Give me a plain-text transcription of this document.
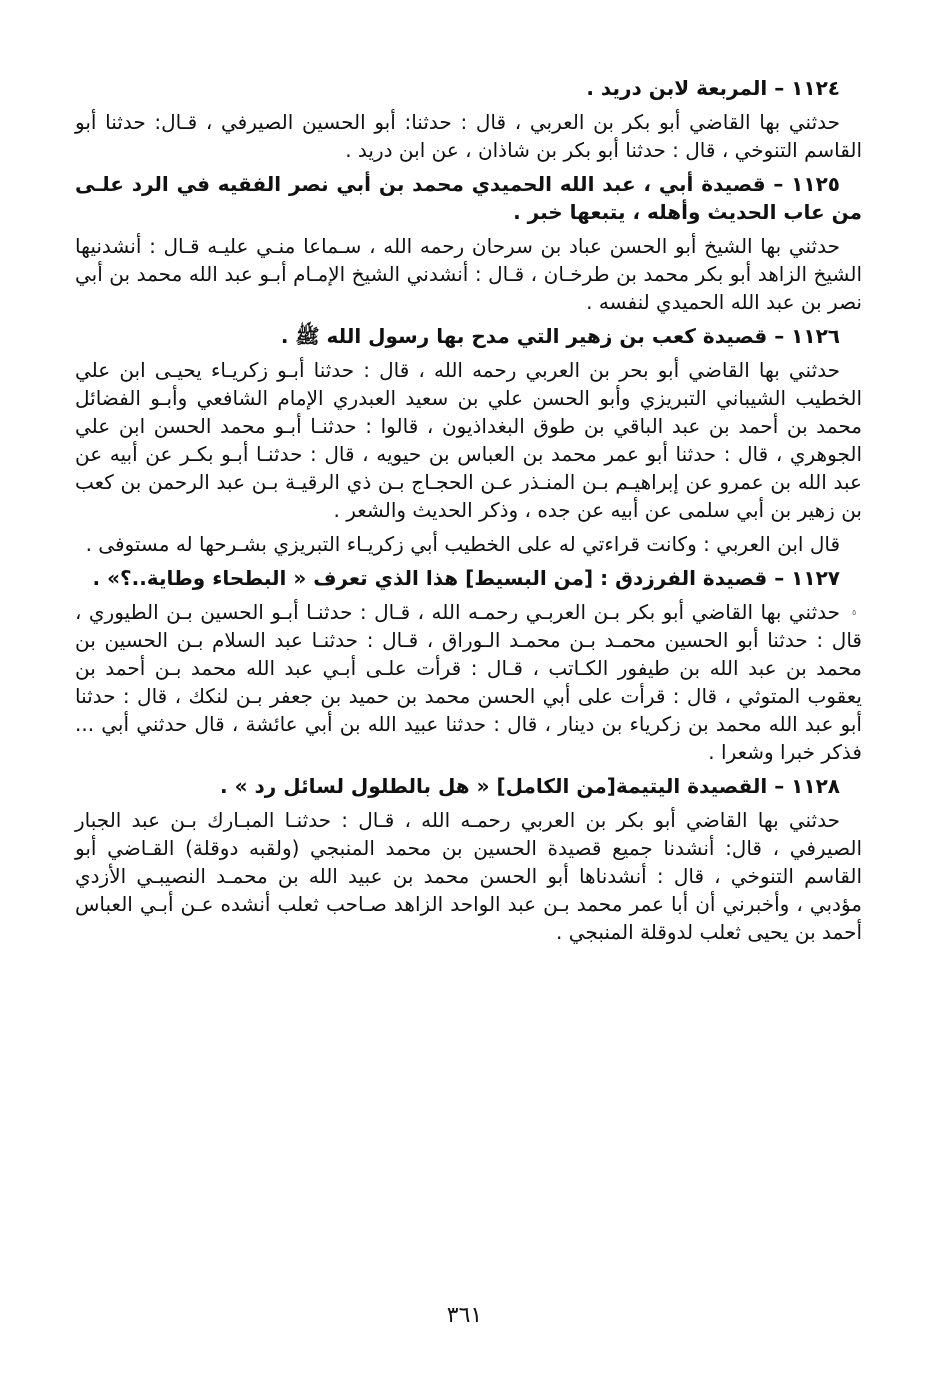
١١٢٤ – المربعة لابن دريد .

حدثني بها القاضي أبو بكر بن العربي ، قال : حدثنا: أبو الحسين الصيرفي ، قـال: حدثنا أبو القاسم التنوخي ، قال : حدثنا أبو بكر بن شاذان ، عن ابن دريد .

١١٢٥ – قصيدة أبي ، عبد الله الحميدي محمد بن أبي نصر الفقيه في الرد علـى من عاب الحديث وأهله ، يتبعها خبر .

حدثني بها الشيخ أبو الحسن عباد بن سرحان رحمه الله ، سـماعا منـي عليـه قـال : أنشدنيها الشيخ الزاهد أبو بكر محمد بن طرخـان ، قـال : أنشدني الشيخ الإمـام أبـو عبد الله محمد بن أبي نصر بن عبد الله الحميدي لنفسه .

١١٢٦ – قصيدة كعب بن زهير التي مدح بها رسول الله ﷺ .

حدثني بها القاضي أبو بحر بن العربي رحمه الله ، قال : حدثنا أبـو زكريـاء يحيـى ابن علي الخطيب الشيباني التبريزي وأبو الحسن علي بن سعيد العبدري الإمام الشافعي وأبـو الفضائل محمد بن أحمد بن عبد الباقي بن طوق البغداذيون ، قالوا : حدثنـا أبـو محمد الحسن ابن علي الجوهري ، قال : حدثنا أبو عمر محمد بن العباس بن حيويه ، قال : حدثنـا أبـو بكـر عن أبيه عن عبد الله بن عمرو عن إبراهيـم بـن المنـذر عـن الحجـاج بـن ذي الرقيـة بـن عبد الرحمن بن كعب بن زهير بن أبي سلمى عن أبيه عن جده ، وذكر الحديث والشعر .

قال ابن العربي : وكانت قراءتي له على الخطيب أبي زكريـاء التبريزي بشـرحها له مستوفى .

١١٢٧ – قصيدة الفرزدق : [من البسيط] هذا الذي تعرف « البطحاء وطاية..؟» .

حدثني بها القاضي أبو بكر بـن العربـي رحمـه الله ، قـال : حدثنـا أبـو الحسين بـن الطيوري ، قال : حدثنا أبو الحسين محمـد بـن محمـد الـوراق ، قـال : حدثنـا عبد السلام بـن الحسين بن محمد بن عبد الله بن طيفور الكـاتب ، قـال : قرأت علـى أبـي عبد الله محمد بـن أحمد بن يعقوب المتوثي ، قال : قرأت على أبي الحسن محمد بن حميد بن جعفر بـن لنكك ، قال : حدثنا أبو عبد الله محمد بن زكرياء بن دينار ، قال : حدثنا عبيد الله بن أبي عائشة ، قال حدثني أبي ... فذكر خبرا وشعرا .

١١٢٨ – القصيدة اليتيمة[من الكامل] « هل بالطلول لسائل رد » .

حدثني بها القاضي أبو بكر بن العربي رحمـه الله ، قـال : حدثنـا المبـارك بـن عبد الجبار الصيرفي ، قال: أنشدنا جميع قصيدة الحسين بن محمد المنبجي (ولقبه دوقلة) القـاضي أبو القاسم التنوخي ، قال : أنشدناها أبو الحسن محمد بن عبيد الله بن محمـد النصيبـي الأزدي مؤدبي ، وأخبرني أن أبا عمر محمد بـن عبد الواحد الزاهد صـاحب ثعلب أنشده عـن أبـي العباس أحمد بن يحيى ثعلب لدوقلة المنبجي .

٥
٣٦١
